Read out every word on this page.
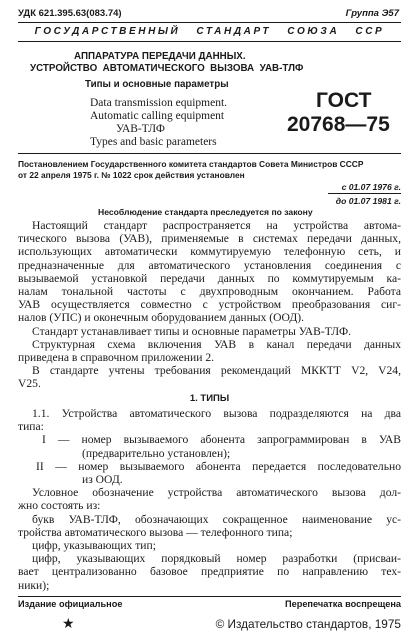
УДК 621.395.63(083.74)	Группа Э57
ГОСУДАРСТВЕННЫЙ   СТАНДАРТ   СОЮЗА   ССР
АППАРАТУРА ПЕРЕДАЧИ ДАННЫХ.
УСТРОЙСТВО  АВТОМАТИЧЕСКОГО  ВЫЗОВА  УАВ-ТЛФ
Типы и основные параметры
Data transmission equipment.
Automatic calling equipment
УАВ-ТЛФ
Types and basic parameters
ГОСТ
20768—75
Постановлением Государственного комитета стандартов Совета Министров СССР
от 22 апреля 1975 г. № 1022 срок действия установлен
с 01.07 1976 г.
до 01.07 1981 г.
Несоблюдение стандарта преследуется по закону
Настоящий стандарт распространяется на устройства автома-
тического вызова (УАВ), применяемые в системах передачи данных,
использующих автоматически коммутируемую телефонную сеть, и
предназначенные для автоматического установления соединения с
вызываемой установкой передачи данных по коммутируемым ка-
налам тональной частоты с двухпроводным окончанием. Работа
УАВ осуществляется совместно с устройством преобразования сиг-
налов (УПС) и оконечным оборудованием данных (ООД).
Стандарт устанавливает типы и основные параметры УАВ-ТЛФ.
Структурная схема включения УАВ в канал передачи данных
приведена в справочном приложении 2.
В стандарте учтены требования рекомендаций МККТТ V2, V24,
V25.
1. ТИПЫ
1.1. Устройства автоматического вызова подразделяются на два
типа:
I — номер вызываемого абонента запрограммирован в УАВ
(предварительно установлен);
II — номер вызываемого абонента передается последовательно
из ООД.
Условное обозначение устройства автоматического вызова дол-
жно состоять из:
букв УАВ-ТЛФ, обозначающих сокращенное наименование ус-
тройства автоматического вызова — телефонного типа;
цифр, указывающих тип;
цифр, указывающих порядковый номер разработки (присваи-
вает централизованно базовое предприятие по направлению тех-
ники);
Издание официальное	Перепечатка воспрещена
★	© Издательство стандартов, 1975
